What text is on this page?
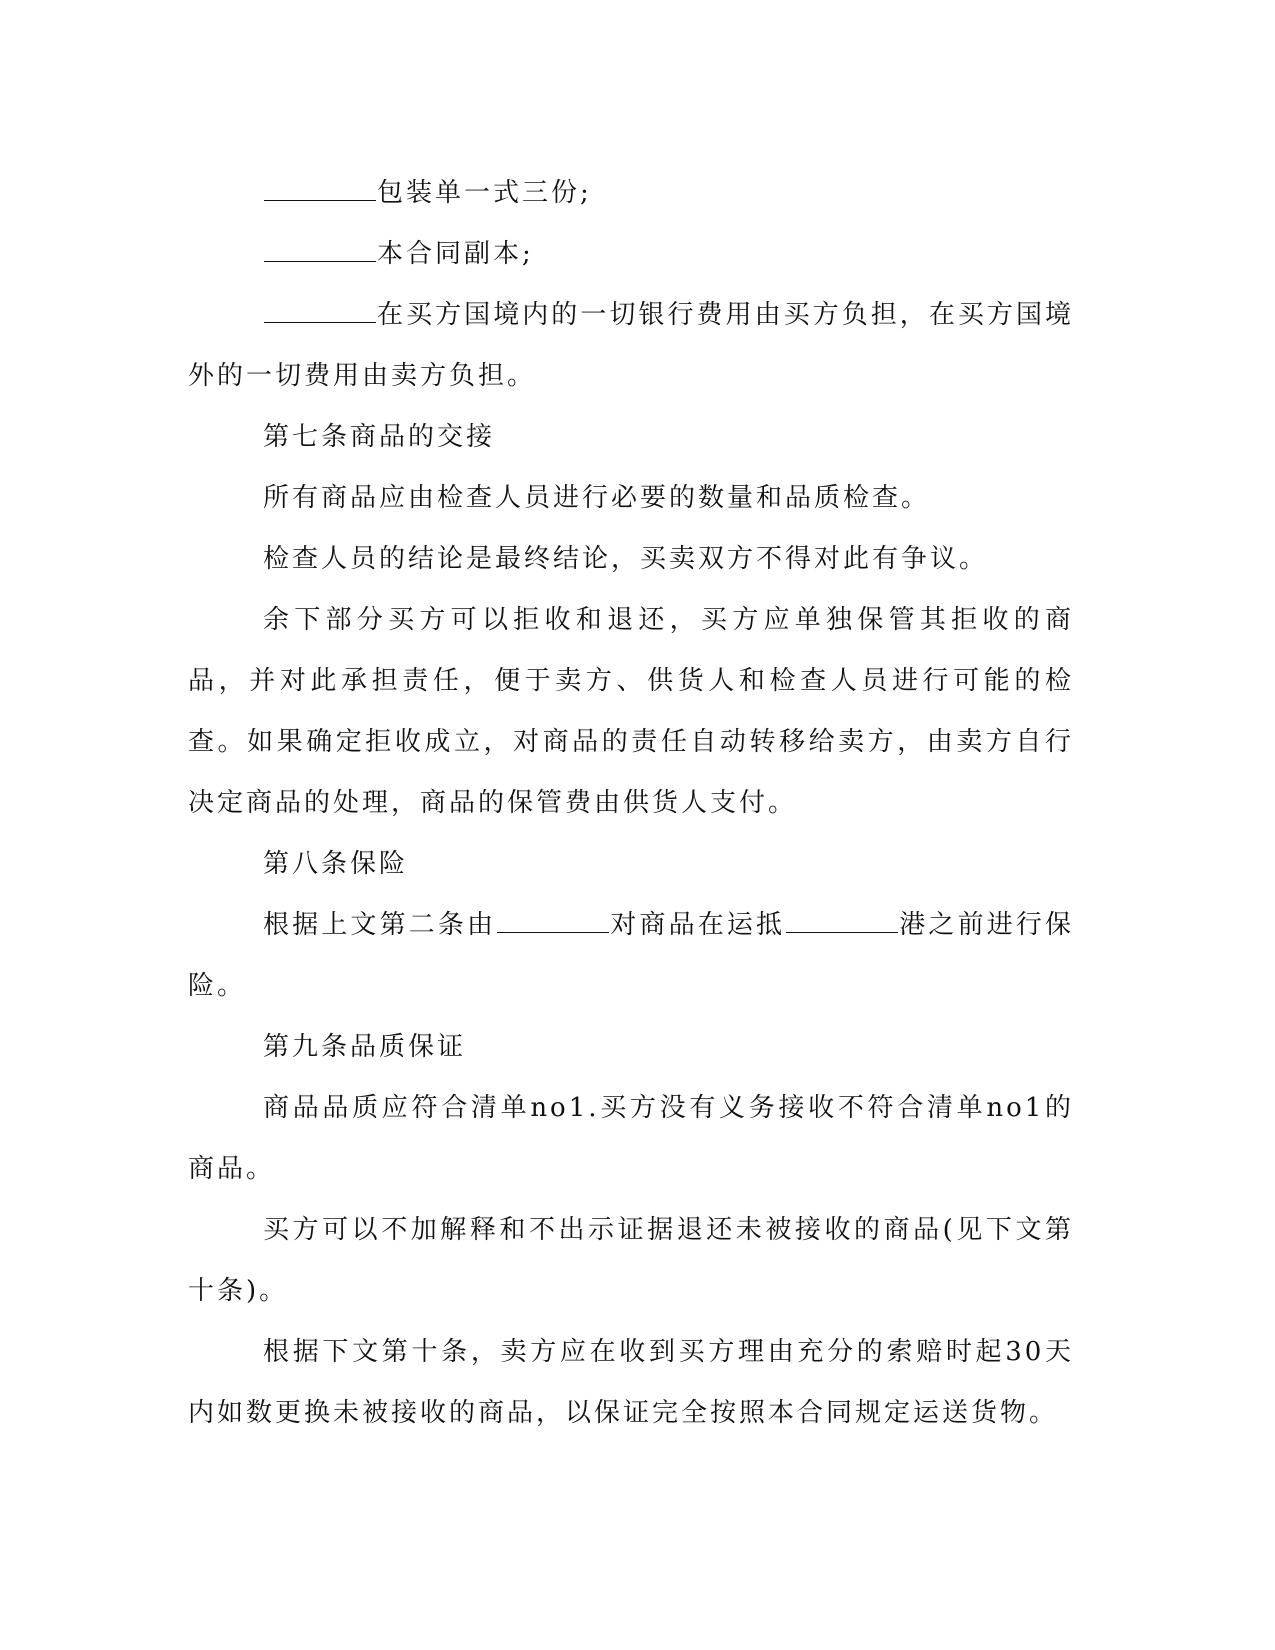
包装单一式三份;

本合同副本;

在买方国境内的一切银行费用由买方负担，在买方国境外的一切费用由卖方负担。

第七条商品的交接

所有商品应由检查人员进行必要的数量和品质检查。

检查人员的结论是最终结论，买卖双方不得对此有争议。

余下部分买方可以拒收和退还，买方应单独保管其拒收的商品，并对此承担责任，便于卖方、供货人和检查人员进行可能的检查。如果确定拒收成立，对商品的责任自动转移给卖方，由卖方自行决定商品的处理，商品的保管费由供货人支付。

第八条保险

根据上文第二条由	对商品在运抵	港之前进行保险。

第九条品质保证

商品品质应符合清单no1.买方没有义务接收不符合清单no1的商品。

买方可以不加解释和不出示证据退还未被接收的商品(见下文第十条)。

根据下文第十条，卖方应在收到买方理由充分的索赔时起30天内如数更换未被接收的商品，以保证完全按照本合同规定运送货物。
